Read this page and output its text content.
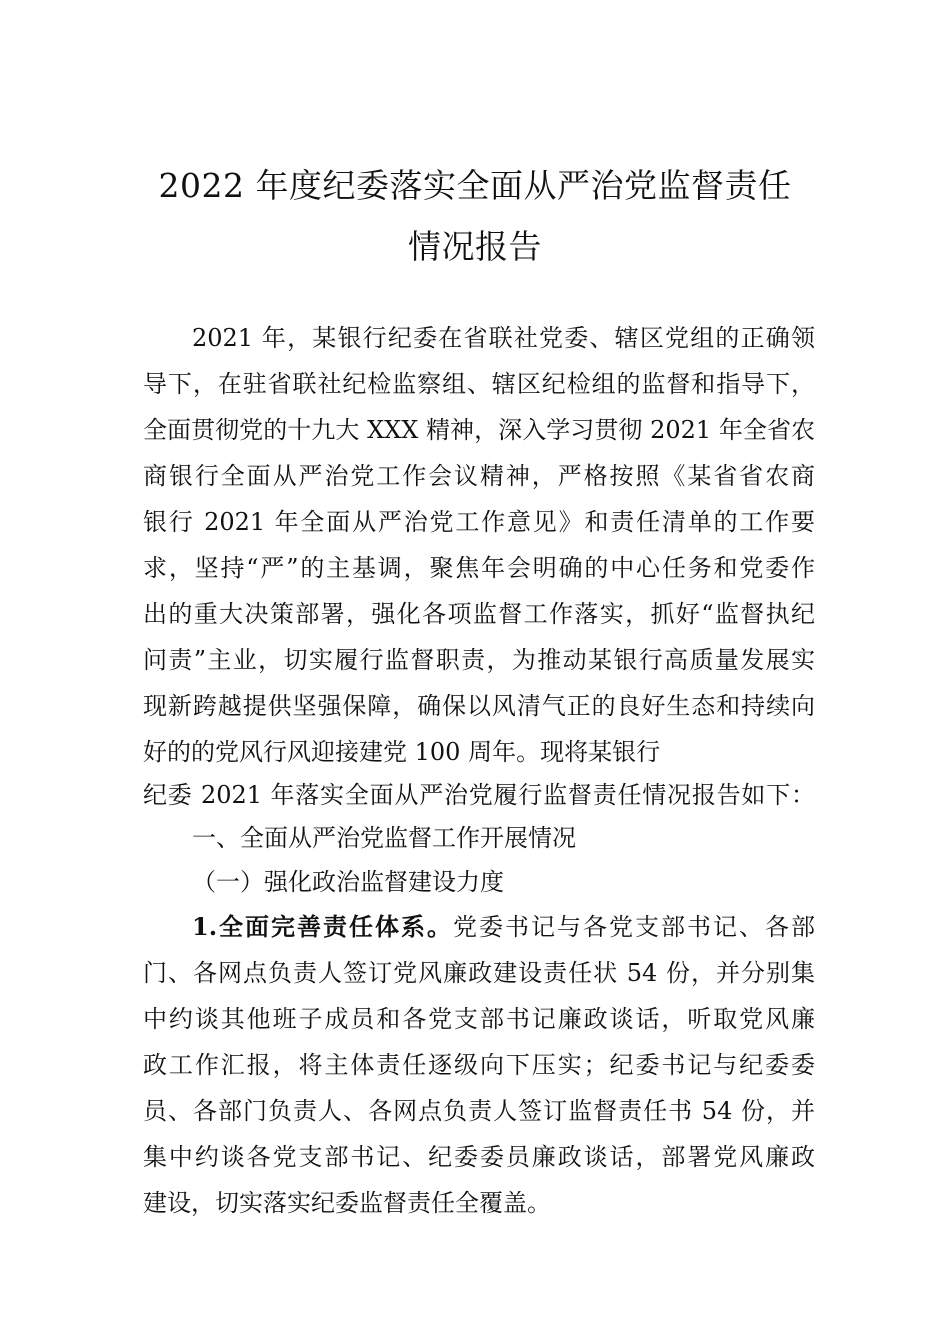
2022 年度纪委落实全面从严治党监督责任
情况报告
2021 年，某银行纪委在省联社党委、辖区党组的正确领
导下，在驻省联社纪检监察组、辖区纪检组的监督和指导下，
全面贯彻党的十九大 XXX 精神，深入学习贯彻 2021 年全省农
商银行全面从严治党工作会议精神，严格按照《某省省农商
银行 2021 年全面从严治党工作意见》和责任清单的工作要
求，坚持“严”的主基调，聚焦年会明确的中心任务和党委作
出的重大决策部署，强化各项监督工作落实，抓好“监督执纪
问责”主业，切实履行监督职责，为推动某银行高质量发展实
现新跨越提供坚强保障，确保以风清气正的良好生态和持续向
好的的党风行风迎接建党 100 周年。现将某银行
纪委 2021 年落实全面从严治党履行监督责任情况报告如下：
一、全面从严治党监督工作开展情况
（一）强化政治监督建设力度
1.全面完善责任体系。党委书记与各党支部书记、各部
门、各网点负责人签订党风廉政建设责任状 54 份，并分别集
中约谈其他班子成员和各党支部书记廉政谈话，听取党风廉
政工作汇报，将主体责任逐级向下压实；纪委书记与纪委委
员、各部门负责人、各网点负责人签订监督责任书 54 份，并
集中约谈各党支部书记、纪委委员廉政谈话，部署党风廉政
建设，切实落实纪委监督责任全覆盖。
